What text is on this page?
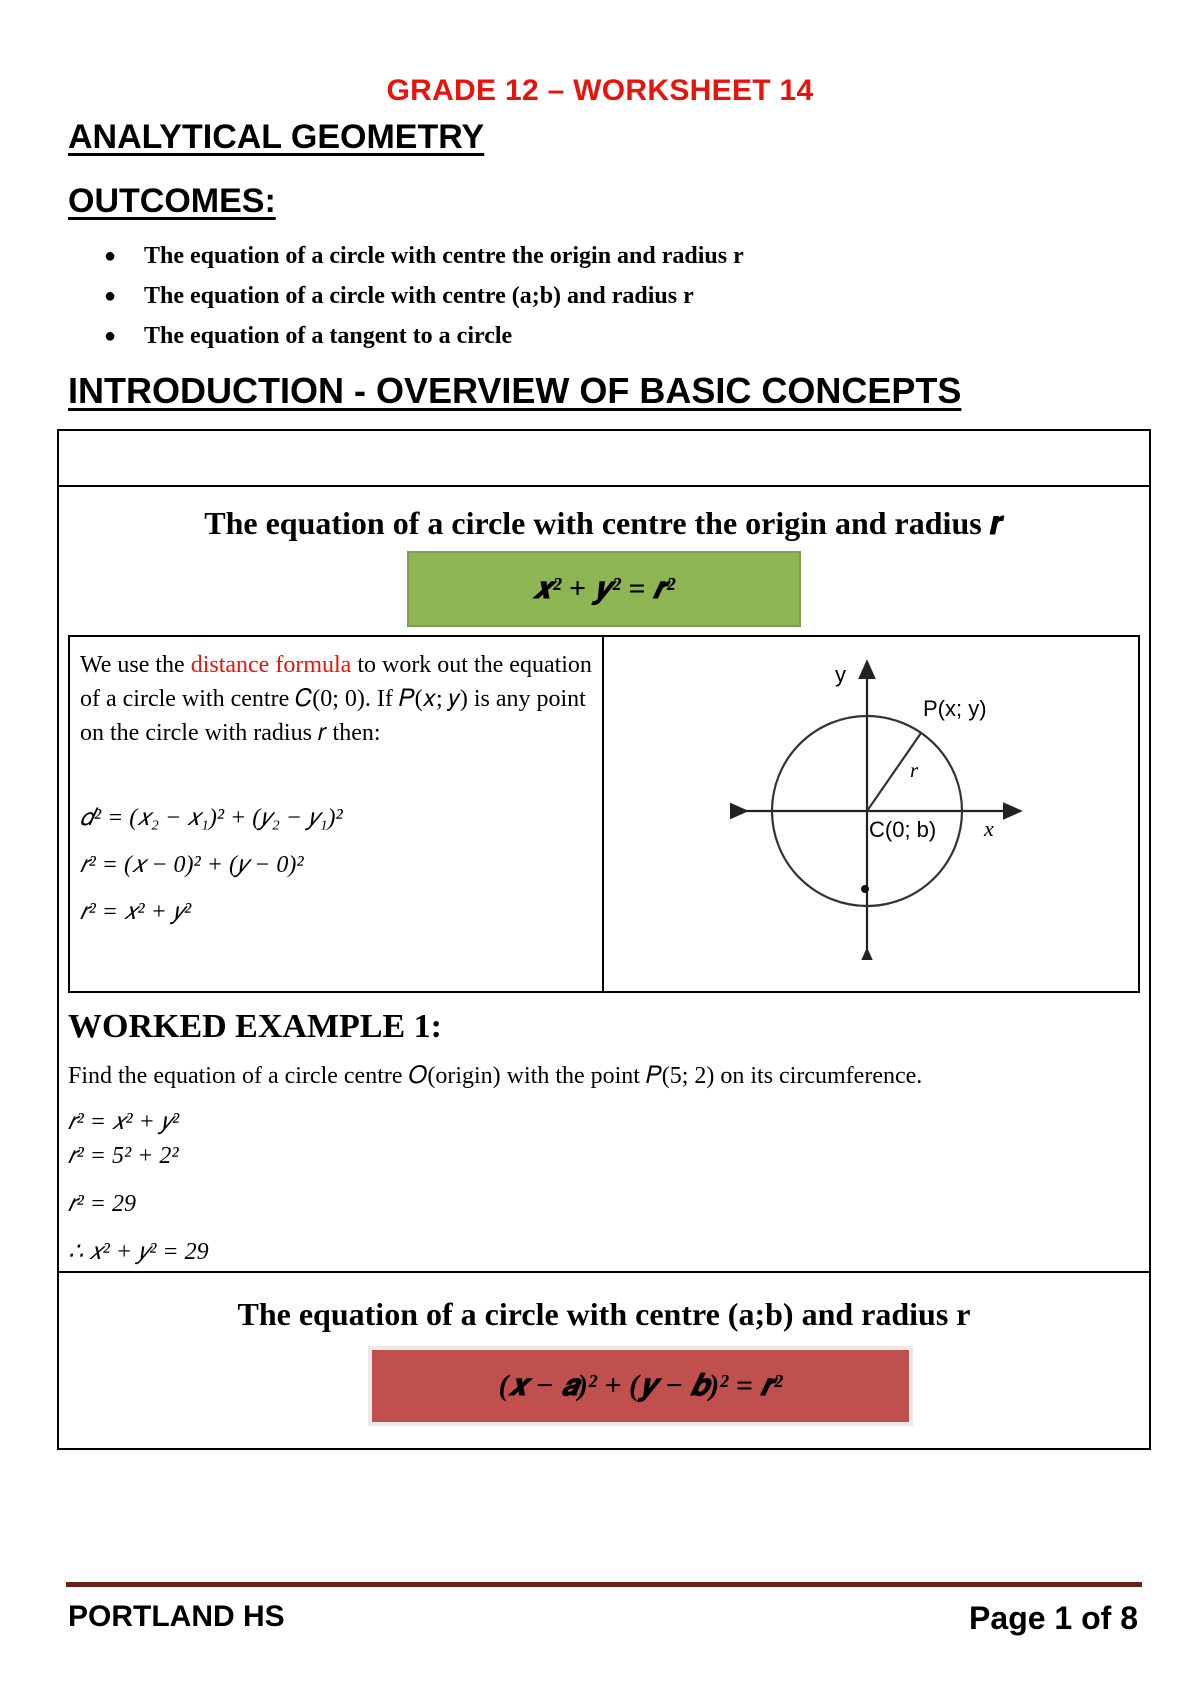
GRADE 12 – WORKSHEET 14
ANALYTICAL GEOMETRY
OUTCOMES:
● The equation of a circle with centre the origin and radius r
● The equation of a circle with centre (a;b) and radius r
● The equation of a tangent to a circle
INTRODUCTION - OVERVIEW OF BASIC CONCEPTS
The equation of a circle with centre the origin and radius 𝒓
𝒙² + 𝒚² = 𝒓²
We use the distance formula to work out the equation of a circle with centre 𝐶(0; 0). If 𝑃(𝑥; 𝑦) is any point on the circle with radius 𝑟 then:
𝑑² = (𝑥₂ − 𝑥₁)² + (𝑦₂ − 𝑦₁)²
𝑟² = (𝑥 − 0)² + (𝑦 − 0)²
𝑟² = 𝑥² + 𝑦²
y
x
P(x; y)
r
C(0; b)
WORKED EXAMPLE 1:
Find the equation of a circle centre 𝑂(origin) with the point 𝑃(5; 2) on its circumference.
𝑟² = 𝑥² + 𝑦²
𝑟² = 5² + 2²
𝑟² = 29
∴ 𝑥² + 𝑦² = 29
The equation of a circle with centre (a;b) and radius r
(𝒙 − 𝒂)² + (𝒚 − 𝒃)² = 𝒓²
PORTLAND HS	Page 1 of 8
